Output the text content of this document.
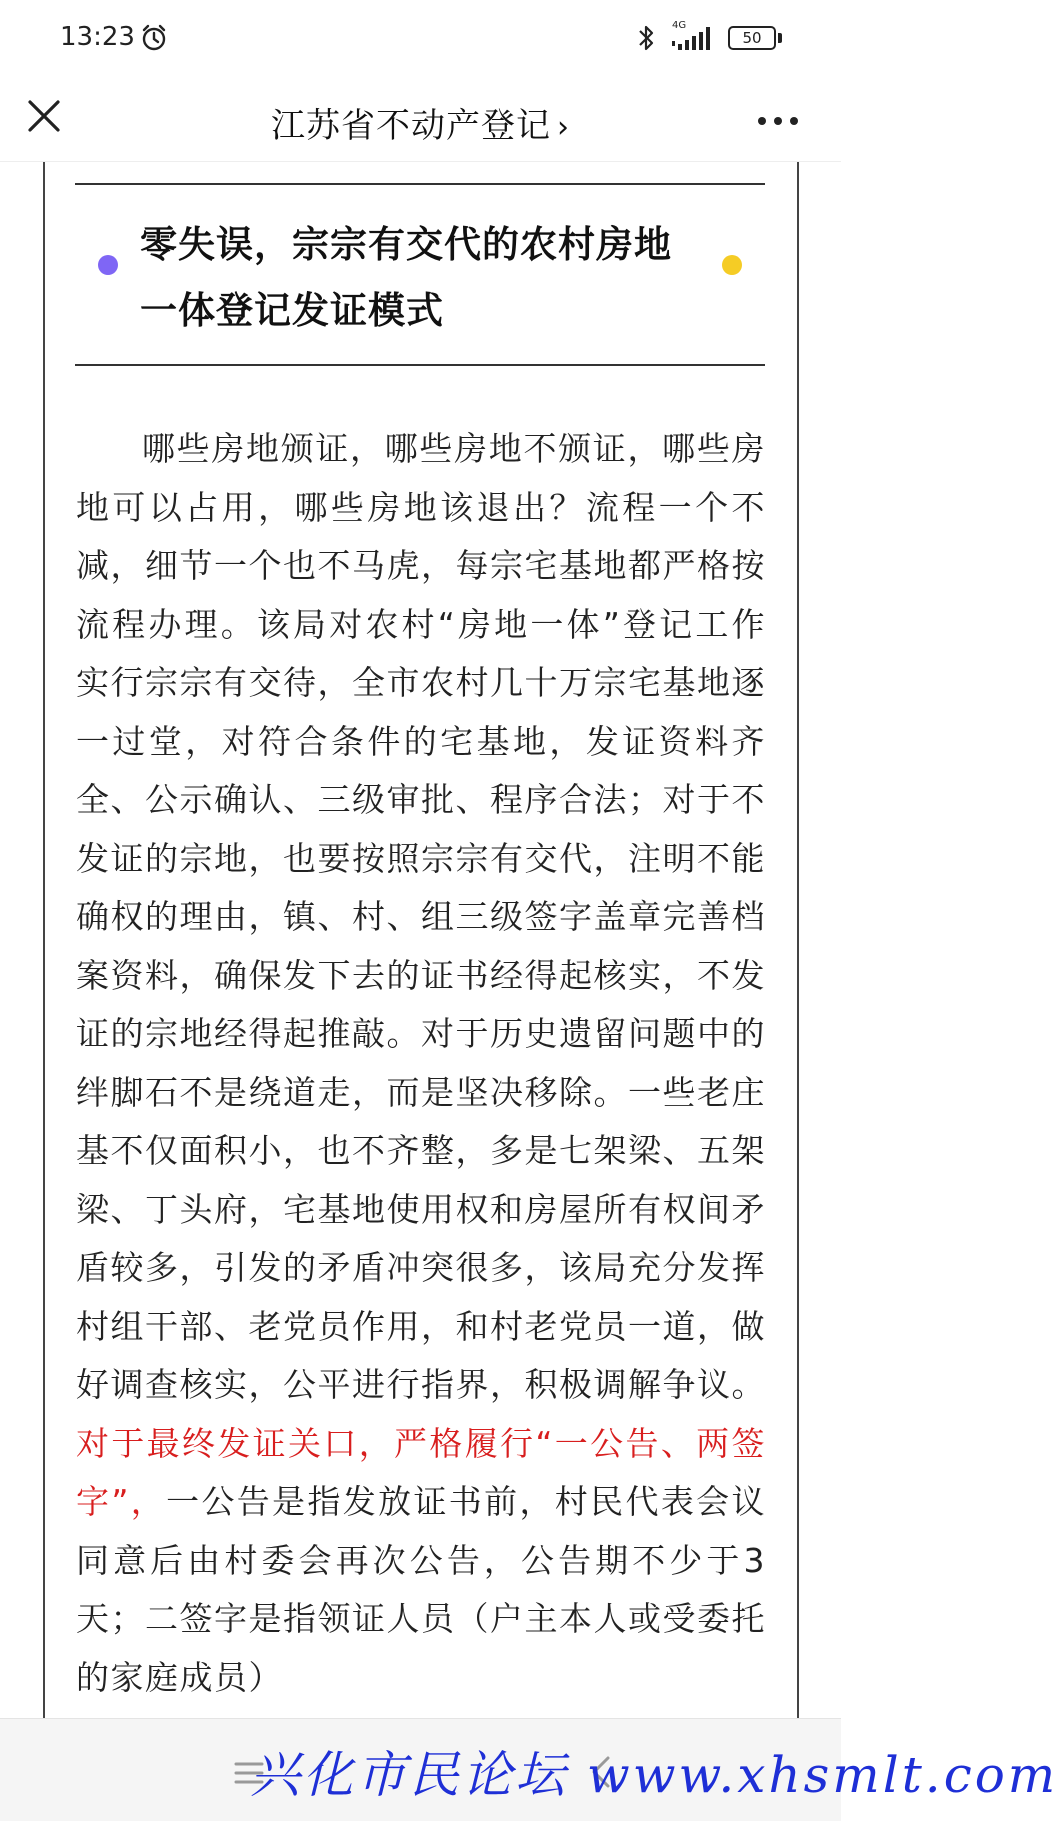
13:23	4G
50
江苏省不动产登记 ›
零失误，宗宗有交代的农村房地
一体登记发证模式

哪些房地颁证，哪些房地不颁证，哪些房地可以占用，哪些房地该退出？流程一个不减，细节一个也不马虎，每宗宅基地都严格按流程办理。该局对农村“房地一体”登记工作实行宗宗有交待，全市农村几十万宗宅基地逐一过堂，对符合条件的宅基地，发证资料齐全、公示确认、三级审批、程序合法；对于不发证的宗地，也要按照宗宗有交代，注明不能确权的理由，镇、村、组三级签字盖章完善档案资料，确保发下去的证书经得起核实，不发证的宗地经得起推敲。对于历史遗留问题中的绊脚石不是绕道走，而是坚决移除。一些老庄基不仅面积小，也不齐整，多是七架梁、五架梁、丁头府，宅基地使用权和房屋所有权间矛盾较多，引发的矛盾冲突很多，该局充分发挥村组干部、老党员作用，和村老党员一道，做好调查核实，公平进行指界，积极调解争议。对于最终发证关口，严格履行“一公告、两签字”，一公告是指发放证书前，村民代表会议同意后由村委会再次公告，公告期不少于3天；二签字是指领证人员（户主本人或受委托的家庭成员）

兴化市民论坛 www.xhsmlt.com
